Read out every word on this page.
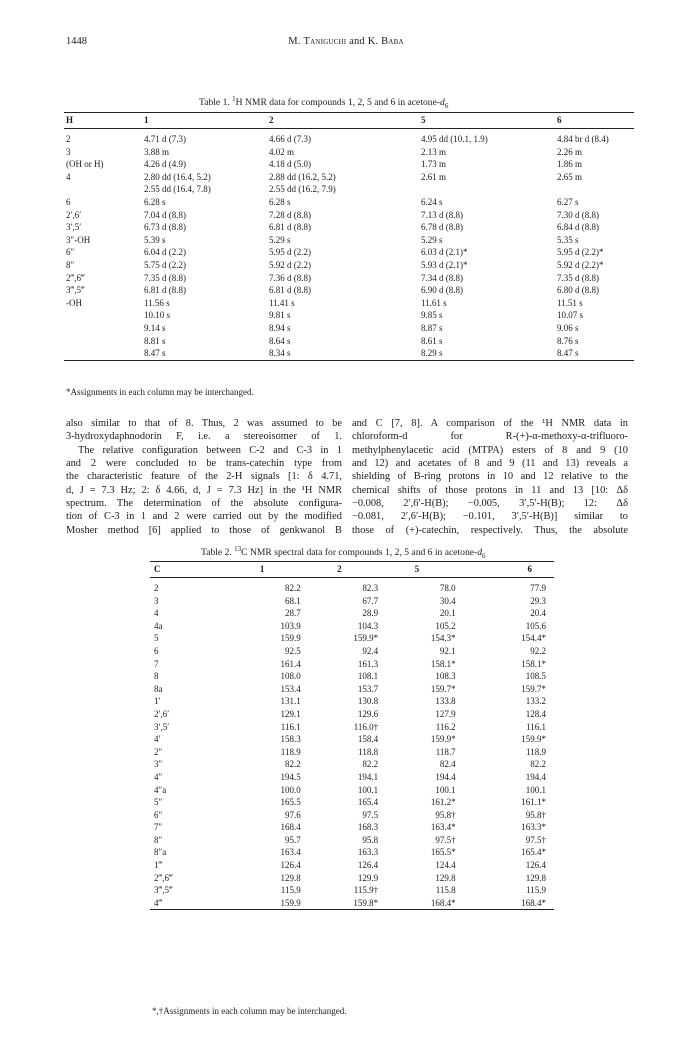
1448	M. Taniguchi and K. Baba
Table 1. $^1$H NMR data for compounds 1, 2, 5 and 6 in acetone-$d_6$
H	1	2	5	6

2	4.71 d (7.3)	4.66 d (7.3)	4.95 dd (10.1, 1.9)	4.84 br d (8.4)
3	3.88 m	4.02 m	2.13 m	2.26 m
(OH or H)	4.26 d (4.9)	4.18 d (5.0)	1.73 m	1.86 m
4	2.80 dd (16.4, 5.2)	2.88 dd (16.2, 5.2)	2.61 m	2.65 m
	2.55 dd (16.4, 7.8)	2.55 dd (16.2, 7.9)		
6	6.28 s	6.28 s	6.24 s	6.27 s
2′,6′	7.04 d (8.8)	7.28 d (8.8)	7.13 d (8.8)	7.30 d (8.8)
3′,5′	6.73 d (8.8)	6.81 d (8.8)	6.78 d (8.8)	6.84 d (8.8)
3″-OH	5.39 s	5.29 s	5.29 s	5.35 s
6″	6.04 d (2.2)	5.95 d (2.2)	6.03 d (2.1)*	5.95 d (2.2)*
8″	5.75 d (2.2)	5.92 d (2.2)	5.93 d (2.1)*	5.92 d (2.2)*
2‴,6‴	7.35 d (8.8)	7.36 d (8.8)	7.34 d (8.8)	7.35 d (8.8)
3‴,5‴	6.81 d (8.8)	6.81 d (8.8)	6.90 d (8.8)	6.80 d (8.8)
-OH	11.56 s	11.41 s	11.61 s	11.51 s
	10.10 s	9.81 s	9.85 s	10.07 s
	9.14 s	8.94 s	8.87 s	9.06 s
	8.81 s	8.64 s	8.61 s	8.76 s
	8.47 s	8.34 s	8.29 s	8.47 s
*Assignments in each column may be interchanged.
also similar to that of 8. Thus, 2 was assumed to be
3-hydroxydaphnodorin F, i.e. a stereoisomer of 1.
The relative configuration between C-2 and C-3 in 1
and 2 were concluded to be trans-catechin type from
the characteristic feature of the 2-H signals [1: δ 4.71,
d, J = 7.3 Hz; 2: δ 4.66, d, J = 7.3 Hz] in the ¹H NMR
spectrum. The determination of the absolute configura-
tion of C-3 in 1 and 2 were carried out by the modified
Mosher method [6] applied to those of genkwanol B
and C [7, 8]. A comparison of the ¹H NMR data in
chloroform-d for R-(+)-α-methoxy-α-trifluoro-
methylphenylacetic acid (MTPA) esters of 8 and 9 (10
and 12) and acetates of 8 and 9 (11 and 13) reveals a
shielding of B-ring protons in 10 and 12 relative to the
chemical shifts of those protons in 11 and 13 [10: Δδ
−0.008, 2′,6′-H(B); −0.005, 3′,5′-H(B); 12: Δδ
−0.081, 2′,6′-H(B); −0.101, 3′,5′-H(B)] similar to
those of (+)-catechin, respectively. Thus, the absolute
Table 2. $^{13}$C NMR spectral data for compounds 1, 2, 5 and 6 in acetone-$d_6$
C	1	2	5	6

2	82.2	82.3	78.0	77.9
3	68.1	67.7	30.4	29.3
4	28.7	28.9	20.1	20.4
4a	103.9	104.3	105.2	105.6
5	159.9	159.9*	154.3*	154.4*
6	92.5	92.4	92.1	92.2
7	161.4	161.3	158.1*	158.1*
8	108.0	108.1	108.3	108.5
8a	153.4	153.7	159.7*	159.7*
1′	131.1	130.8	133.8	133.2
2′,6′	129.1	129.6	127.9	128.4
3′,5′	116.1	116.0†	116.2	116.1
4′	158.3	158.4	159.9*	159.9*
2″	118.9	118.8	118.7	118.9
3″	82.2	82.2	82.4	82.2
4″	194.5	194.1	194.4	194.4
4″a	100.0	100.1	100.1	100.1
5″	165.5	165.4	161.2*	161.1*
6″	97.6	97.5	95.8†	95.8†
7″	168.4	168.3	163.4*	163.3*
8″	95.7	95.8	97.5†	97.5†
8″a	163.4	163.3	165.5*	165.4*
1‴	126.4	126.4	124.4	126.4
2‴,6‴	129.8	129.9	129.8	129.8
3‴,5‴	115.9	115.9†	115.8	115.9
4‴	159.9	159.8*	168.4*	168.4*
*,†Assignments in each column may be interchanged.
